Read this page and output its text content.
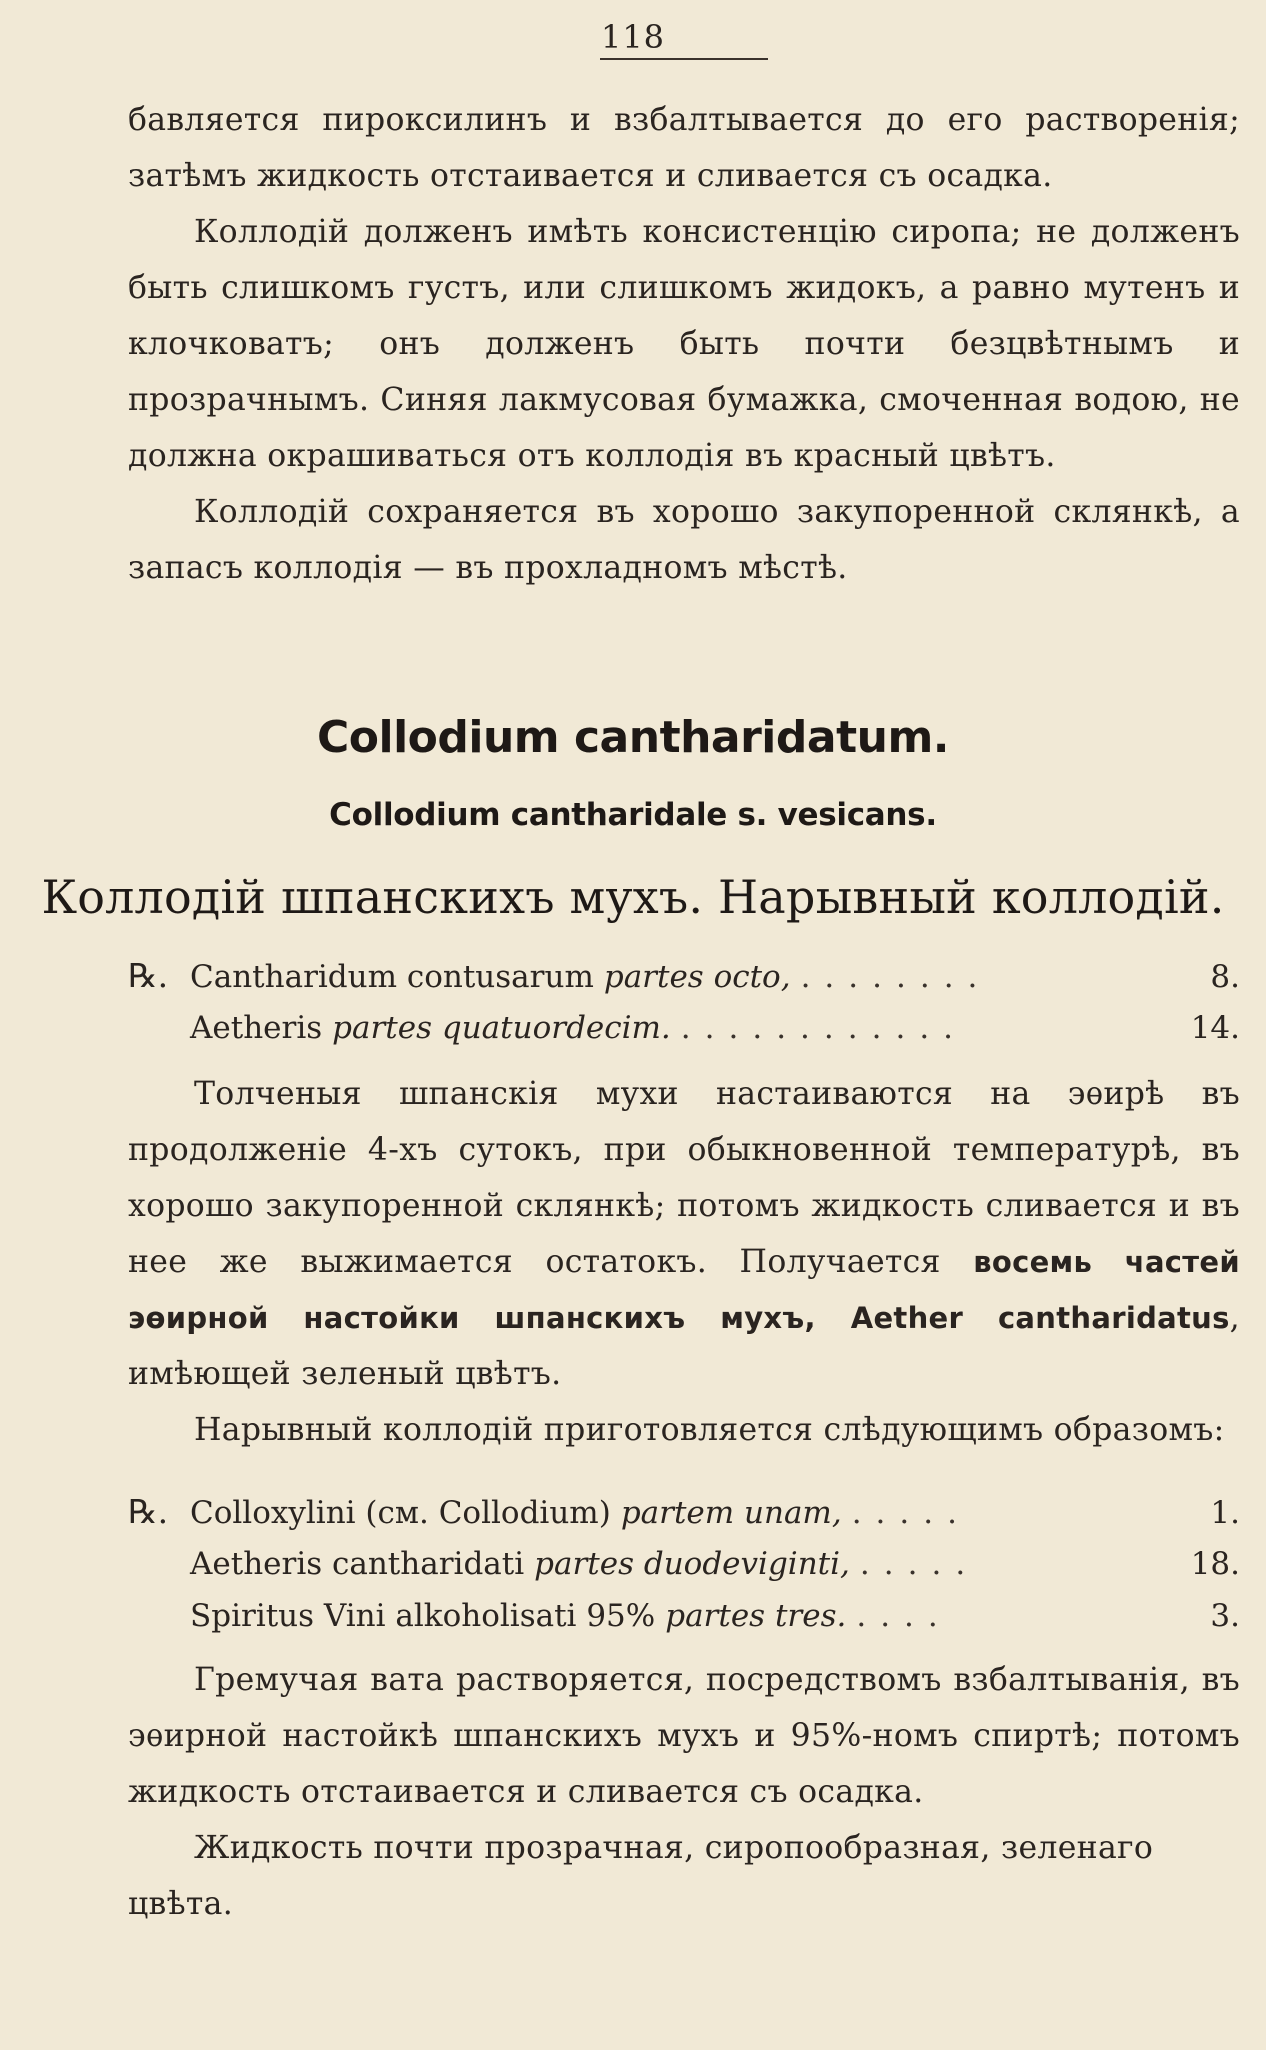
118

бавляется пироксилинъ и взбалтывается до его растворенія; затѣмъ жидкость отстаивается и сливается съ осадка.

Коллодій долженъ имѣть консистенцію сиропа; не долженъ быть слишкомъ густъ, или слишкомъ жидокъ, а равно мутенъ и клочковатъ; онъ долженъ быть почти безцвѣтнымъ и прозрачнымъ. Синяя лакмусовая бумажка, смоченная водою, не должна окрашиваться отъ коллодія въ красный цвѣтъ.

Коллодій сохраняется въ хорошо закупоренной склянкѣ, а запасъ коллодія — въ прохладномъ мѣстѣ.

Collodium cantharidatum.
Collodium cantharidale s. vesicans.
Коллодій шпанскихъ мухъ. Нарывный коллодій.
℞. Cantharidum contusarum partes octo, ........	8.
Aetheris partes quatuordecim. ............	14.

Толченыя шпанскія мухи настаиваются на эѳирѣ въ продолженіе 4-хъ сутокъ, при обыкновенной температурѣ, въ хорошо закупоренной склянкѣ; потомъ жидкость сливается и въ нее же выжимается остатокъ. Получается восемь частей эѳирной настойки шпанскихъ мухъ, Aether cantharidatus, имѣющей зеленый цвѣтъ.

Нарывный коллодій приготовляется слѣдующимъ образомъ:

℞. Colloxylini (см. Collodium) partem unam, .....	1.
Aetheris cantharidati partes duodeviginti, .....	18.
Spiritus Vini alkoholisati 95% partes tres. ....	3.

Гремучая вата растворяется, посредствомъ взбалтыванія, въ эѳирной настойкѣ шпанскихъ мухъ и 95%-номъ спиртѣ; потомъ жидкость отстаивается и сливается съ осадка.

Жидкость почти прозрачная, сиропообразная, зеленаго цвѣта.
